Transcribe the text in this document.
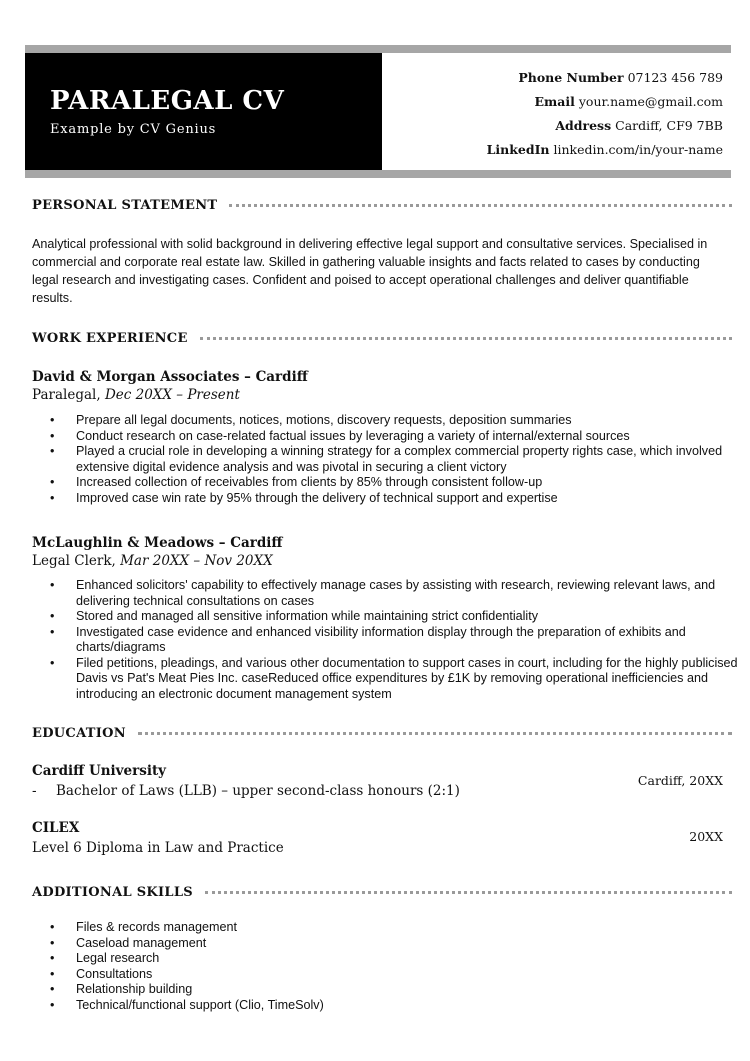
PARALEGAL CV
Example by CV Genius
Phone Number 07123 456 789
Email your.name@gmail.com
Address Cardiff, CF9 7BB
LinkedIn linkedin.com/in/your-name
PERSONAL STATEMENT

Analytical professional with solid background in delivering effective legal support and consultative services. Specialised in commercial and corporate real estate law. Skilled in gathering valuable insights and facts related to cases by conducting legal research and investigating cases. Confident and poised to accept operational challenges and deliver quantifiable results.

WORK EXPERIENCE
David & Morgan Associates – Cardiff
Paralegal, Dec 20XX – Present
• Prepare all legal documents, notices, motions, discovery requests, deposition summaries
• Conduct research on case-related factual issues by leveraging a variety of internal/external sources
• Played a crucial role in developing a winning strategy for a complex commercial property rights case, which involved extensive digital evidence analysis and was pivotal in securing a client victory
• Increased collection of receivables from clients by 85% through consistent follow-up
• Improved case win rate by 95% through the delivery of technical support and expertise
McLaughlin & Meadows – Cardiff
Legal Clerk, Mar 20XX – Nov 20XX
• Enhanced solicitors' capability to effectively manage cases by assisting with research, reviewing relevant laws, and delivering technical consultations on cases
• Stored and managed all sensitive information while maintaining strict confidentiality
• Investigated case evidence and enhanced visibility information display through the preparation of exhibits and charts/diagrams
• Filed petitions, pleadings, and various other documentation to support cases in court, including for the highly publicised Davis vs Pat's Meat Pies Inc. caseReduced office expenditures by £1K by removing operational inefficiencies and introducing an electronic document management system
EDUCATION
Cardiff University
- Bachelor of Laws (LLB) – upper second-class honours (2:1)
Cardiff, 20XX
CILEX
Level 6 Diploma in Law and Practice
20XX
ADDITIONAL SKILLS
• Files & records management
• Caseload management
• Legal research
• Consultations
• Relationship building
• Technical/functional support (Clio, TimeSolv)
